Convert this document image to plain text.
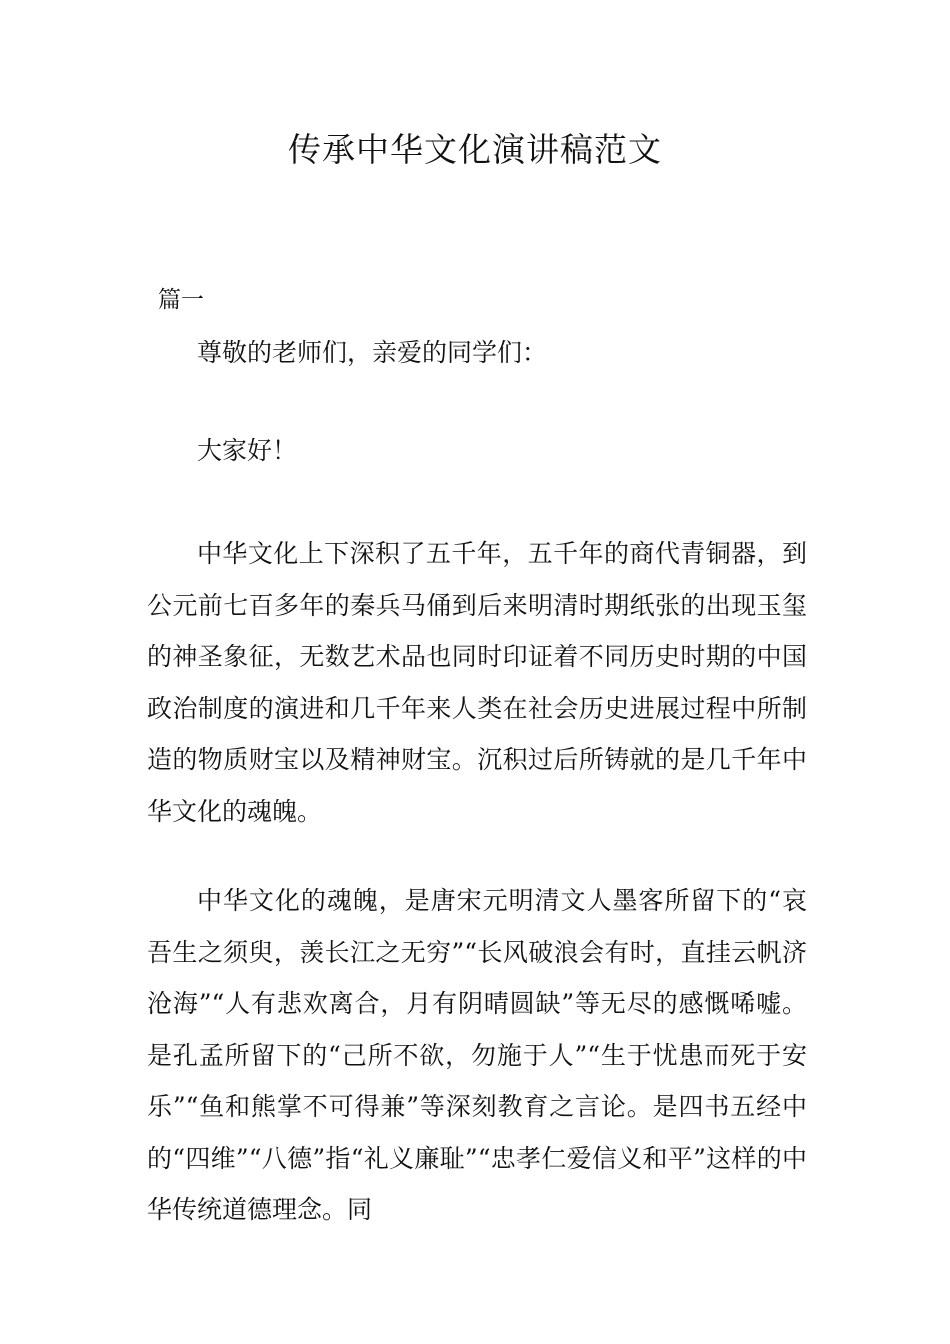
传承中华文化演讲稿范文

篇一

尊敬的老师们，亲爱的同学们：

大家好！

中华文化上下深积了五千年，五千年的商代青铜器，到公元前七百多年的秦兵马俑到后来明清时期纸张的出现玉玺的神圣象征，无数艺术品也同时印证着不同历史时期的中国政治制度的演进和几千年来人类在社会历史进展过程中所制造的物质财宝以及精神财宝。沉积过后所铸就的是几千年中华文化的魂魄。

中华文化的魂魄，是唐宋元明清文人墨客所留下的“哀吾生之须臾，羡长江之无穷”“长风破浪会有时，直挂云帆济沧海”“人有悲欢离合，月有阴晴圆缺”等无尽的感慨唏嘘。是孔孟所留下的“己所不欲，勿施于人”“生于忧患而死于安乐”“鱼和熊掌不可得兼”等深刻教育之言论。是四书五经中的“四维”“八德”指“礼义廉耻”“忠孝仁爱信义和平”这样的中华传统道德理念。同
